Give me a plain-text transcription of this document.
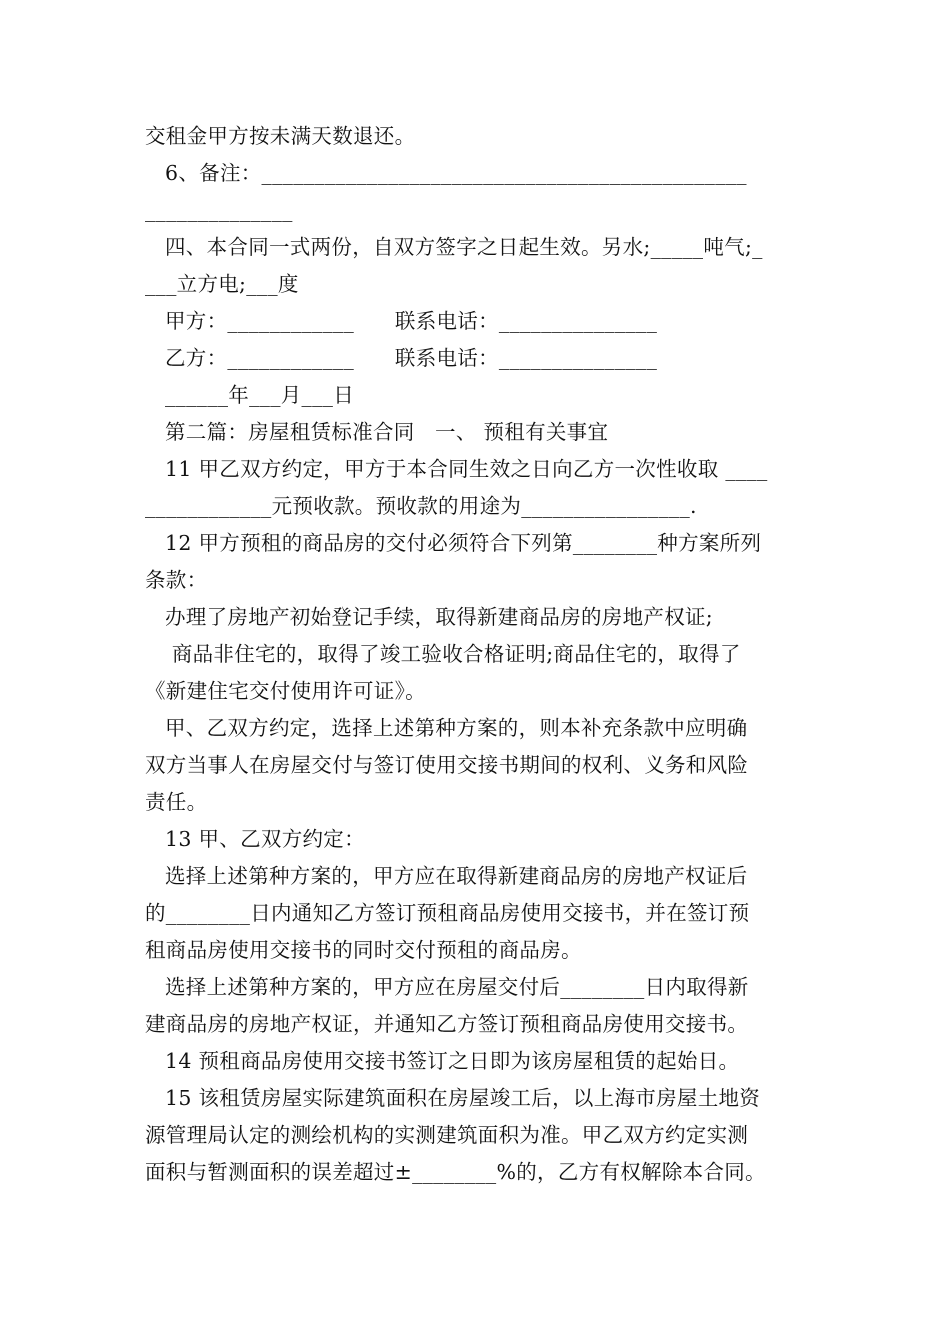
交租金甲方按未满天数退还。
6、备注：______________________________________________
______________
四、本合同一式两份，自双方签字之日起生效。另水;_____吨气;_
___立方电;___度
甲方：____________      联系电话：_______________
乙方：____________      联系电话：_______________
______年___月___日
第二篇：房屋租赁标准合同   一、 预租有关事宜
11 甲乙双方约定，甲方于本合同生效之日向乙方一次性收取 ____
____________元预收款。预收款的用途为________________.
12 甲方预租的商品房的交付必须符合下列第________种方案所列
条款：
办理了房地产初始登记手续，取得新建商品房的房地产权证;
商品非住宅的，取得了竣工验收合格证明;商品住宅的，取得了
《新建住宅交付使用许可证》。
甲、乙双方约定，选择上述第种方案的，则本补充条款中应明确
双方当事人在房屋交付与签订使用交接书期间的权利、义务和风险
责任。
13 甲、乙双方约定：
选择上述第种方案的，甲方应在取得新建商品房的房地产权证后
的________日内通知乙方签订预租商品房使用交接书，并在签订预
租商品房使用交接书的同时交付预租的商品房。
选择上述第种方案的，甲方应在房屋交付后________日内取得新
建商品房的房地产权证，并通知乙方签订预租商品房使用交接书。
14 预租商品房使用交接书签订之日即为该房屋租赁的起始日。
15 该租赁房屋实际建筑面积在房屋竣工后，以上海市房屋土地资
源管理局认定的测绘机构的实测建筑面积为准。甲乙双方约定实测
面积与暂测面积的误差超过±________%的，乙方有权解除本合同。
